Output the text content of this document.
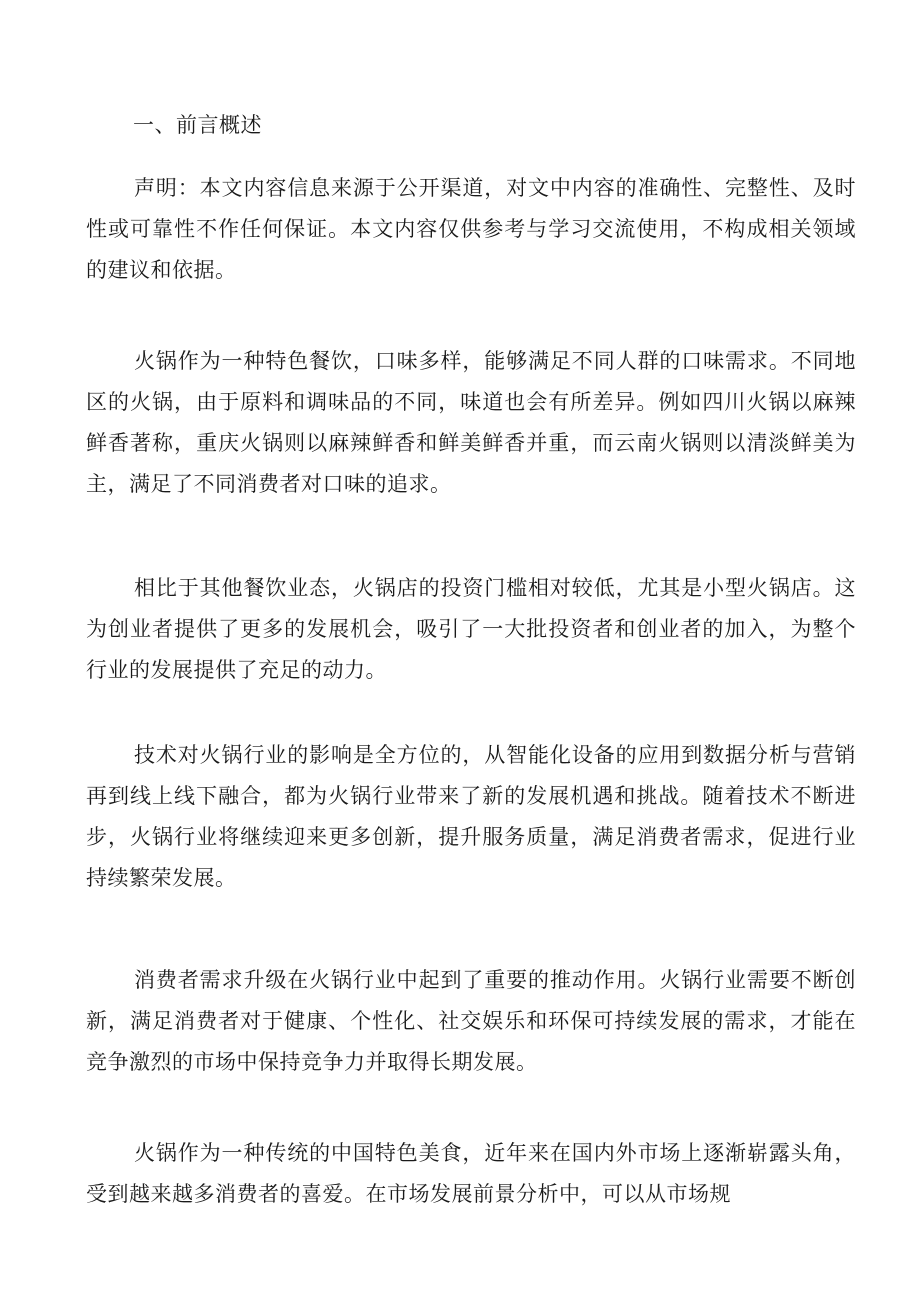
一、前言概述

声明：本文内容信息来源于公开渠道，对文中内容的准确性、完整性、及时性或可靠性不作任何保证。本文内容仅供参考与学习交流使用，不构成相关领域的建议和依据。

火锅作为一种特色餐饮，口味多样，能够满足不同人群的口味需求。不同地区的火锅，由于原料和调味品的不同，味道也会有所差异。例如四川火锅以麻辣鲜香著称，重庆火锅则以麻辣鲜香和鲜美鲜香并重，而云南火锅则以清淡鲜美为主，满足了不同消费者对口味的追求。

相比于其他餐饮业态，火锅店的投资门槛相对较低，尤其是小型火锅店。这为创业者提供了更多的发展机会，吸引了一大批投资者和创业者的加入，为整个行业的发展提供了充足的动力。

技术对火锅行业的影响是全方位的，从智能化设备的应用到数据分析与营销再到线上线下融合，都为火锅行业带来了新的发展机遇和挑战。随着技术不断进步，火锅行业将继续迎来更多创新，提升服务质量，满足消费者需求，促进行业持续繁荣发展。

消费者需求升级在火锅行业中起到了重要的推动作用。火锅行业需要不断创新，满足消费者对于健康、个性化、社交娱乐和环保可持续发展的需求，才能在竞争激烈的市场中保持竞争力并取得长期发展。

火锅作为一种传统的中国特色美食，近年来在国内外市场上逐渐崭露头角，受到越来越多消费者的喜爱。在市场发展前景分析中，可以从市场规
